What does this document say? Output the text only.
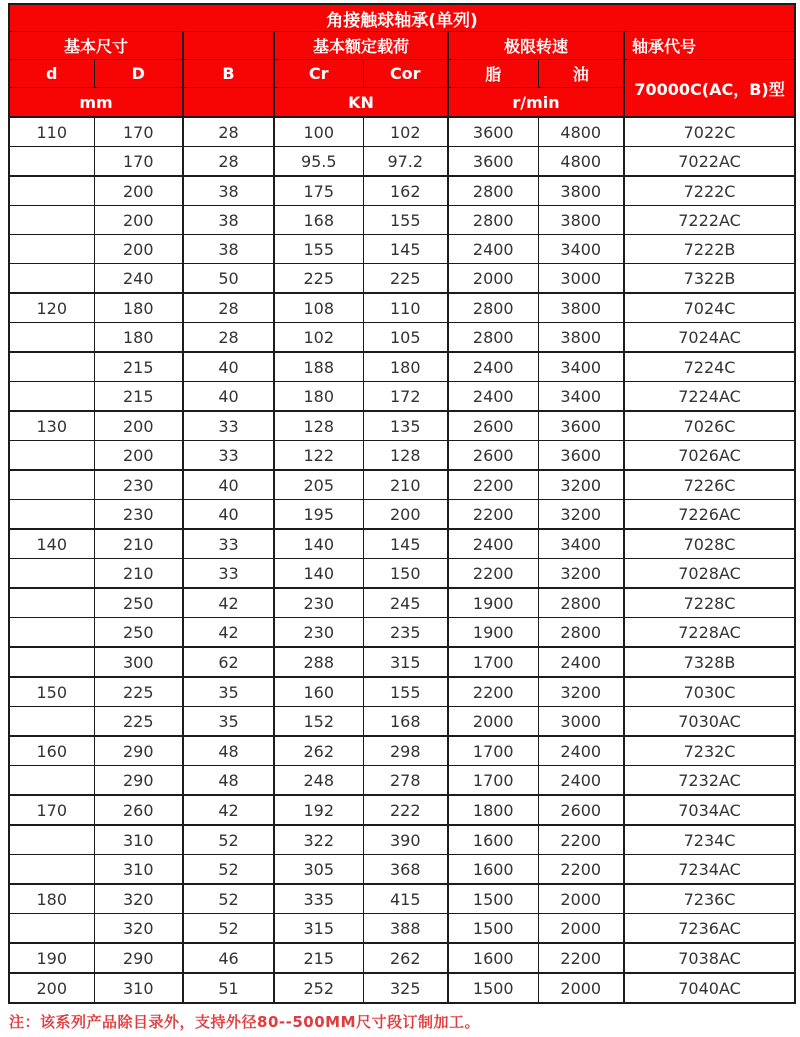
角接触球轴承(单列)							
基本尺寸			基本额定载荷		极限转速		轴承代号
d	D	B	Cr	Cor	脂	油	70000C(AC，B)型
mm			KN		r/min		
110	170	28	100	102	3600	4800	7022C
	170	28	95.5	97.2	3600	4800	7022AC
	200	38	175	162	2800	3800	7222C
	200	38	168	155	2800	3800	7222AC
	200	38	155	145	2400	3400	7222B
	240	50	225	225	2000	3000	7322B
120	180	28	108	110	2800	3800	7024C
	180	28	102	105	2800	3800	7024AC
	215	40	188	180	2400	3400	7224C
	215	40	180	172	2400	3400	7224AC
130	200	33	128	135	2600	3600	7026C
	200	33	122	128	2600	3600	7026AC
	230	40	205	210	2200	3200	7226C
	230	40	195	200	2200	3200	7226AC
140	210	33	140	145	2400	3400	7028C
	210	33	140	150	2200	3200	7028AC
	250	42	230	245	1900	2800	7228C
	250	42	230	235	1900	2800	7228AC
	300	62	288	315	1700	2400	7328B
150	225	35	160	155	2200	3200	7030C
	225	35	152	168	2000	3000	7030AC
160	290	48	262	298	1700	2400	7232C
	290	48	248	278	1700	2400	7232AC
170	260	42	192	222	1800	2600	7034AC
	310	52	322	390	1600	2200	7234C
	310	52	305	368	1600	2200	7234AC
180	320	52	335	415	1500	2000	7236C
	320	52	315	388	1500	2000	7236AC
190	290	46	215	262	1600	2200	7038AC
200	310	51	252	325	1500	2000	7040AC
注：该系列产品除目录外，支持外径80--500MM尺寸段订制加工。
